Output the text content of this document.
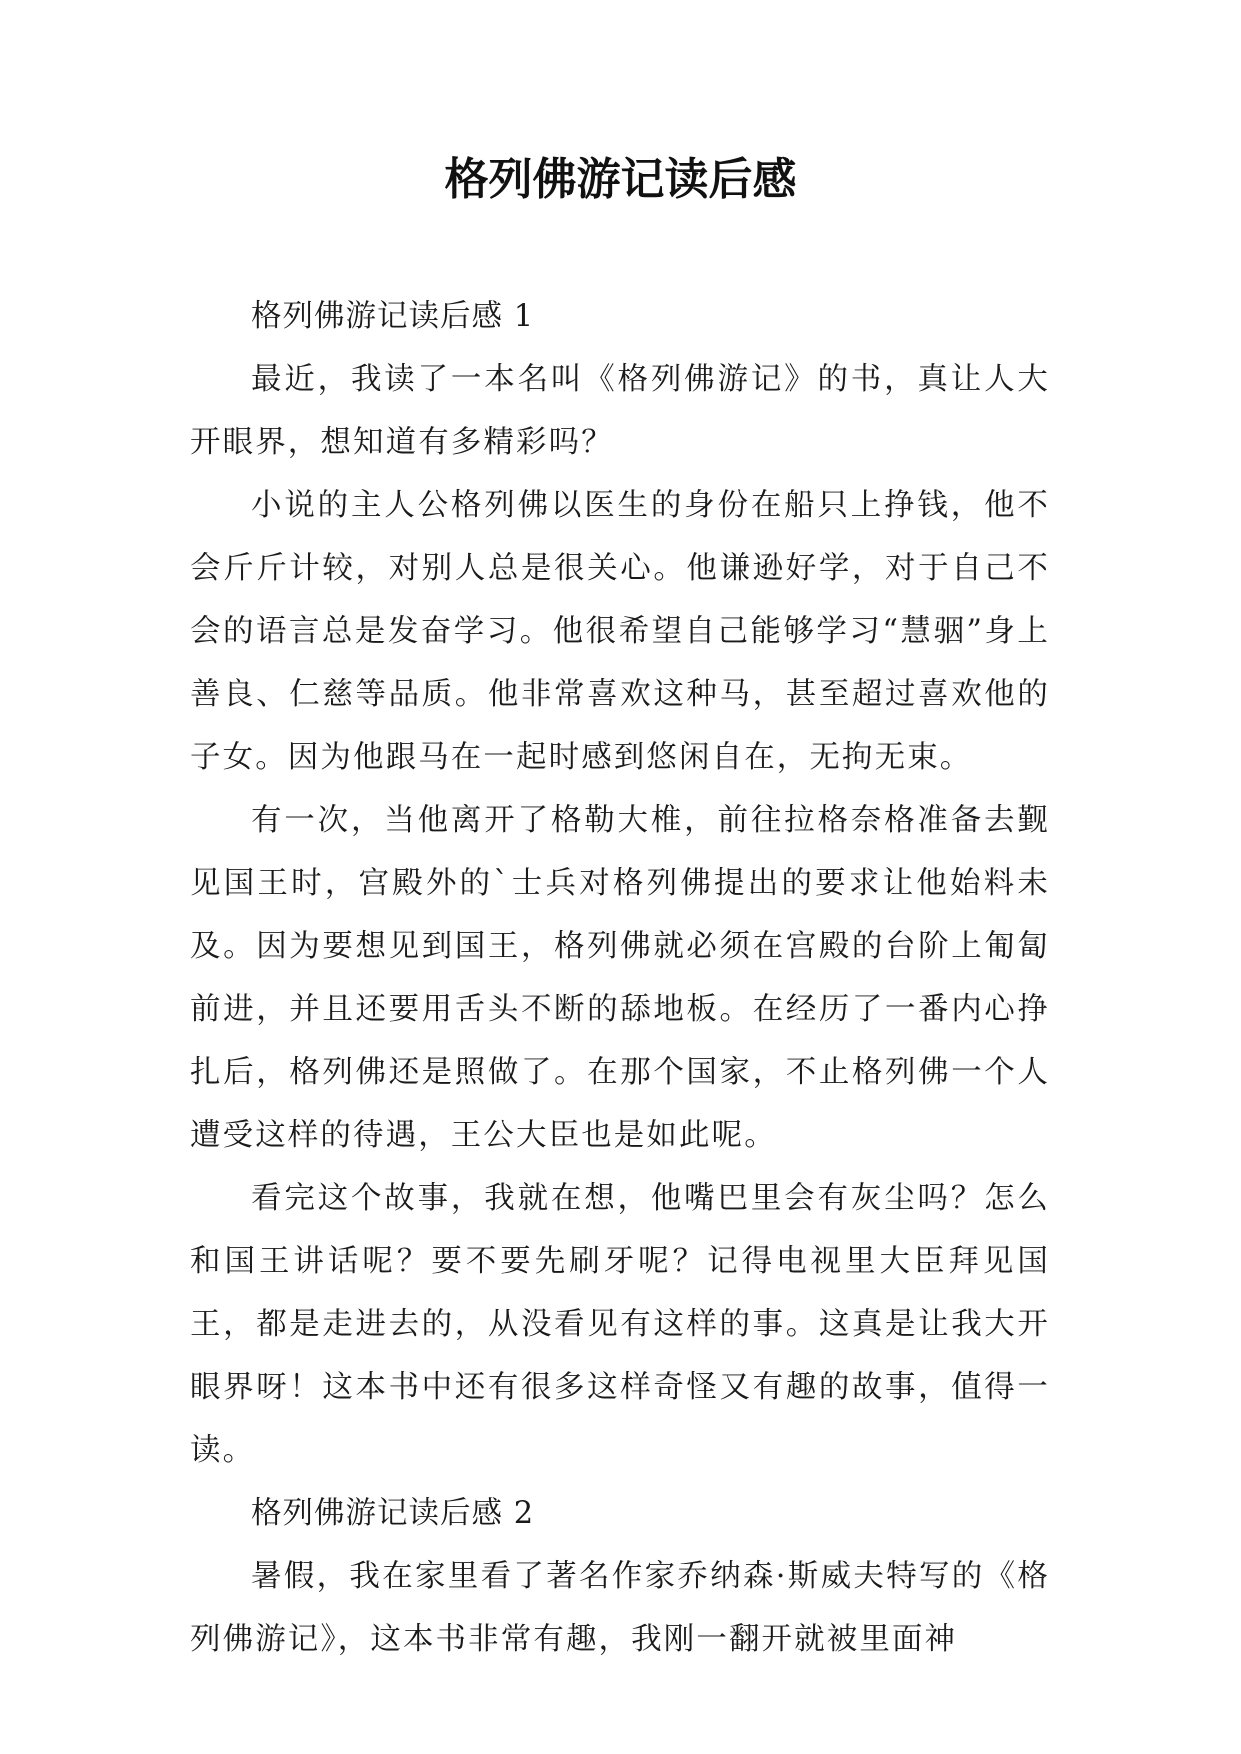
格列佛游记读后感

格列佛游记读后感 1

最近，我读了一本名叫《格列佛游记》的书，真让人大开眼界，想知道有多精彩吗？

小说的主人公格列佛以医生的身份在船只上挣钱，他不会斤斤计较，对别人总是很关心。他谦逊好学，对于自己不会的语言总是发奋学习。他很希望自己能够学习“慧骃”身上善良、仁慈等品质。他非常喜欢这种马，甚至超过喜欢他的子女。因为他跟马在一起时感到悠闲自在，无拘无束。

有一次，当他离开了格勒大椎，前往拉格奈格准备去觐见国王时，宫殿外的`士兵对格列佛提出的要求让他始料未及。因为要想见到国王，格列佛就必须在宫殿的台阶上匍匐前进，并且还要用舌头不断的舔地板。在经历了一番内心挣扎后，格列佛还是照做了。在那个国家，不止格列佛一个人遭受这样的待遇，王公大臣也是如此呢。

看完这个故事，我就在想，他嘴巴里会有灰尘吗？怎么和国王讲话呢？要不要先刷牙呢？记得电视里大臣拜见国王，都是走进去的，从没看见有这样的事。这真是让我大开眼界呀！这本书中还有很多这样奇怪又有趣的故事，值得一读。

格列佛游记读后感 2

暑假，我在家里看了著名作家乔纳森·斯威夫特写的《格列佛游记》，这本书非常有趣，我刚一翻开就被里面神
